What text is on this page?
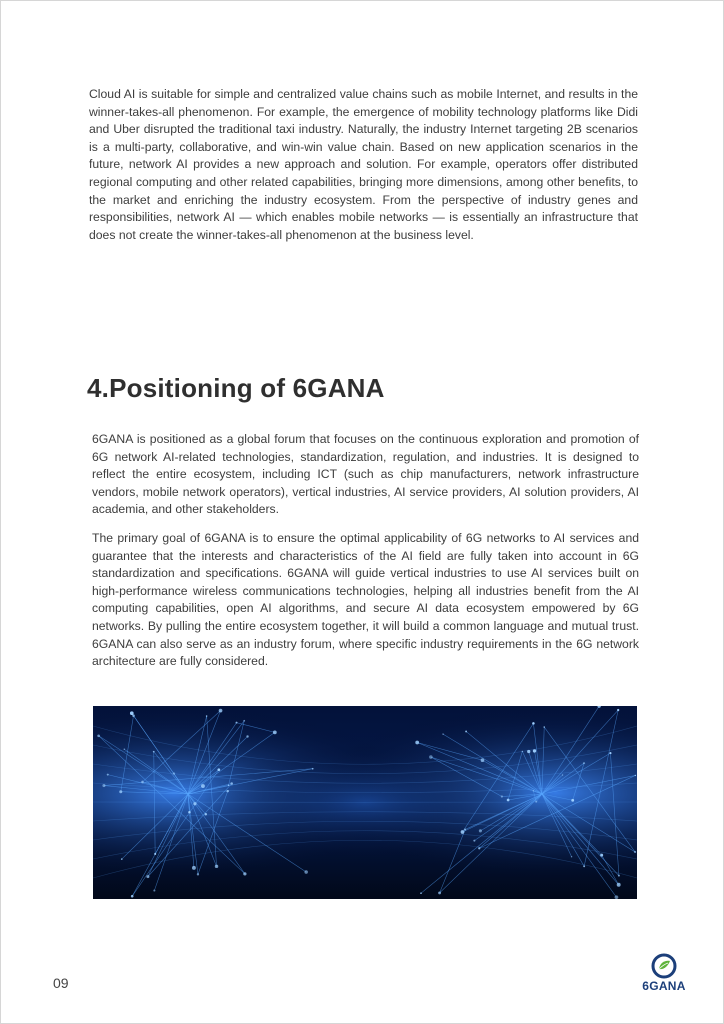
Cloud AI is suitable for simple and centralized value chains such as mobile Internet, and results in the winner-takes-all phenomenon. For example, the emergence of mobility technology platforms like Didi and Uber disrupted the traditional taxi industry. Naturally, the industry Internet targeting 2B scenarios is a multi-party, collaborative, and win-win value chain. Based on new application scenarios in the future, network AI provides a new approach and solution. For example, operators offer distributed regional computing and other related capabilities, bringing more dimensions, among other benefits, to the market and enriching the industry ecosystem. From the perspective of industry genes and responsibilities, network AI — which enables mobile networks — is essentially an infrastructure that does not create the winner-takes-all phenomenon at the business level.

4.Positioning of 6GANA

6GANA is positioned as a global forum that focuses on the continuous exploration and promotion of 6G network AI-related technologies, standardization, regulation, and industries. It is designed to reflect the entire ecosystem, including ICT (such as chip manufacturers, network infrastructure vendors, mobile network operators), vertical industries, AI service providers, AI solution providers, AI academia, and other stakeholders.

The primary goal of 6GANA is to ensure the optimal applicability of 6G networks to AI services and guarantee that the interests and characteristics of the AI field are fully taken into account in 6G standardization and specifications. 6GANA will guide vertical industries to use AI services built on high-performance wireless communications technologies, helping all industries benefit from the AI computing capabilities, open AI algorithms, and secure AI data ecosystem empowered by 6G networks. By pulling the entire ecosystem together, it will build a common language and mutual trust. 6GANA can also serve as an industry forum, where specific industry requirements in the 6G network architecture are fully considered.

09	6GANA
